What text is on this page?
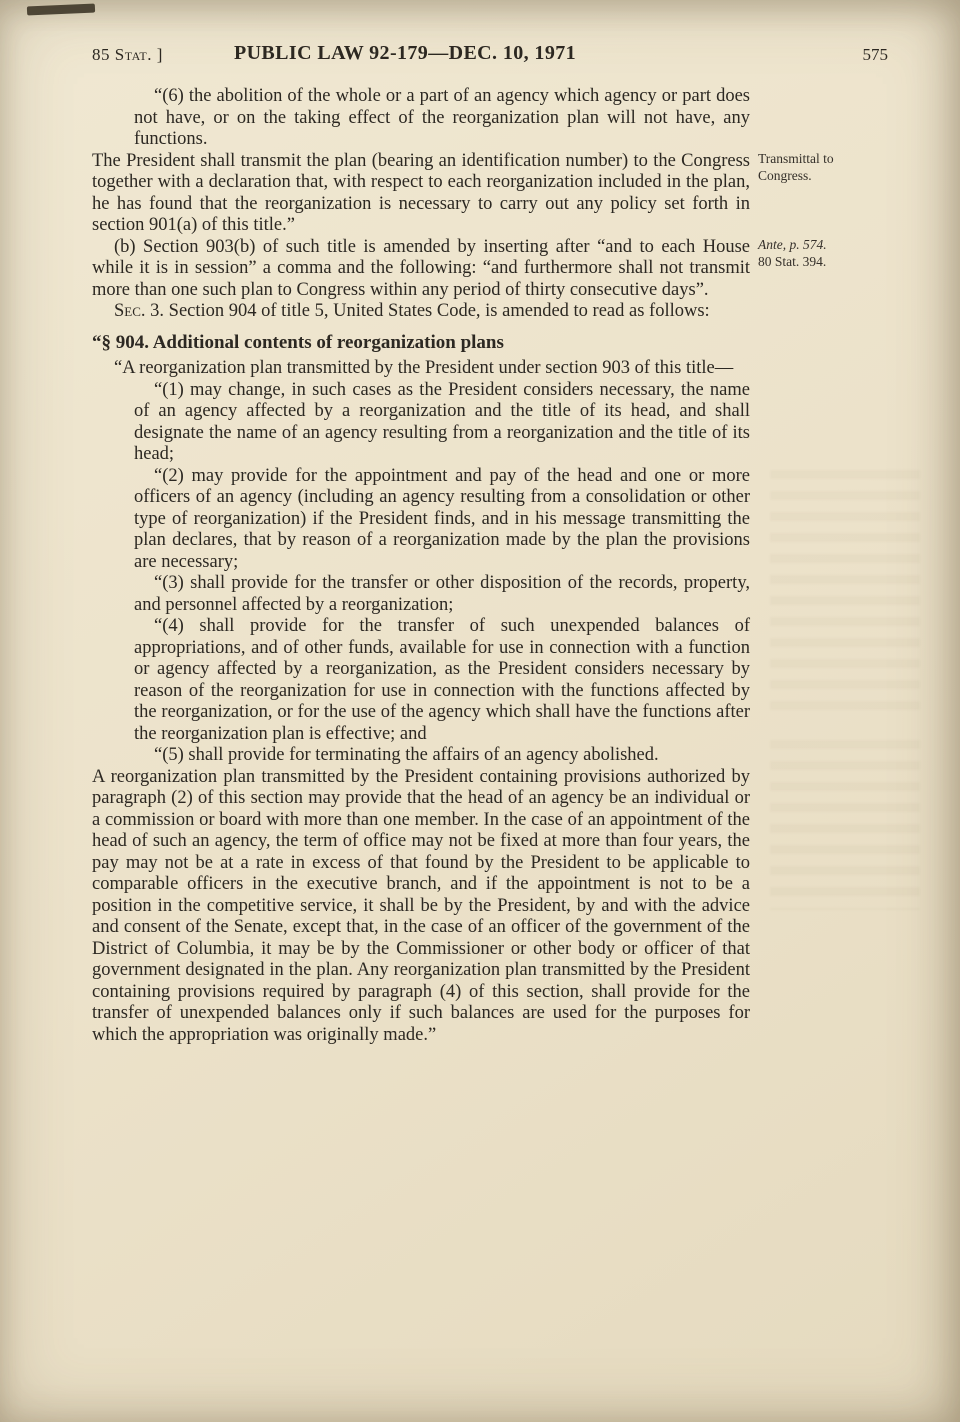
85 Stat. ]	PUBLIC LAW 92-179—DEC. 10, 1971	575

“(6) the abolition of the whole or a part of an agency which agency or part does not have, or on the taking effect of the reorganization plan will not have, any functions.

The President shall transmit the plan (bearing an identification number) to the Congress together with a declaration that, with respect to each reorganization included in the plan, he has found that the reorganization is necessary to carry out any policy set forth in section 901(a) of this title.”

(b) Section 903(b) of such title is amended by inserting after “and to each House while it is in session” a comma and the following: “and furthermore shall not transmit more than one such plan to Congress within any period of thirty consecutive days”.

Sec. 3. Section 904 of title 5, United States Code, is amended to read as follows:

“§ 904. Additional contents of reorganization plans

“A reorganization plan transmitted by the President under section 903 of this title—

“(1) may change, in such cases as the President considers necessary, the name of an agency affected by a reorganization and the title of its head, and shall designate the name of an agency resulting from a reorganization and the title of its head;

“(2) may provide for the appointment and pay of the head and one or more officers of an agency (including an agency resulting from a consolidation or other type of reorganization) if the President finds, and in his message transmitting the plan declares, that by reason of a reorganization made by the plan the provisions are necessary;

“(3) shall provide for the transfer or other disposition of the records, property, and personnel affected by a reorganization;

“(4) shall provide for the transfer of such unexpended balances of appropriations, and of other funds, available for use in connection with a function or agency affected by a reorganization, as the President considers necessary by reason of the reorganization for use in connection with the functions affected by the reorganization, or for the use of the agency which shall have the functions after the reorganization plan is effective; and

“(5) shall provide for terminating the affairs of an agency abolished.

A reorganization plan transmitted by the President containing provisions authorized by paragraph (2) of this section may provide that the head of an agency be an individual or a commission or board with more than one member. In the case of an appointment of the head of such an agency, the term of office may not be fixed at more than four years, the pay may not be at a rate in excess of that found by the President to be applicable to comparable officers in the executive branch, and if the appointment is not to be a position in the competitive service, it shall be by the President, by and with the advice and consent of the Senate, except that, in the case of an officer of the government of the District of Columbia, it may be by the Commissioner or other body or officer of that government designated in the plan. Any reorganization plan transmitted by the President containing provisions required by paragraph (4) of this section, shall provide for the transfer of unexpended balances only if such balances are used for the purposes for which the appropriation was originally made.”

Transmittal to Congress.
Ante, p. 574.
80 Stat. 394.
